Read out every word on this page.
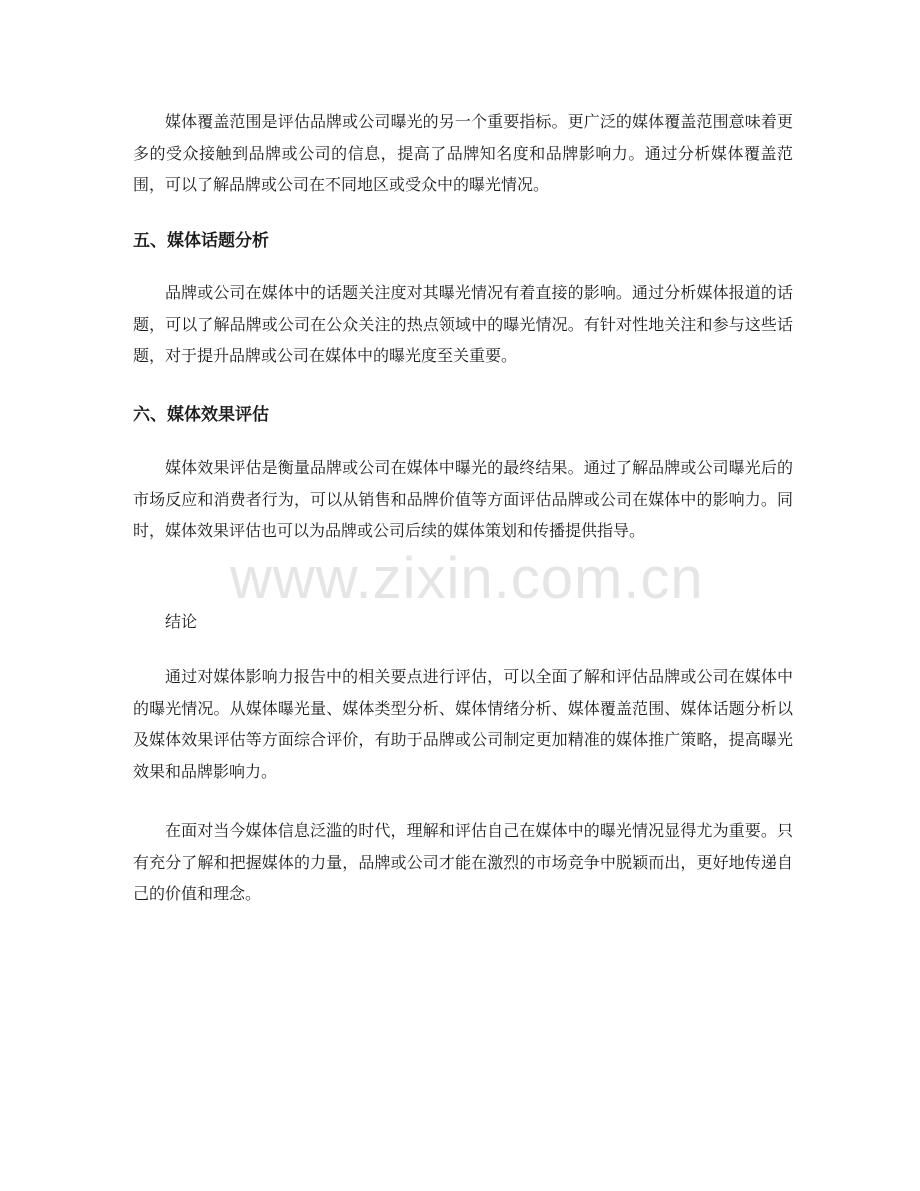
媒体覆盖范围是评估品牌或公司曝光的另一个重要指标。更广泛的媒体覆盖范围意味着更多的受众接触到品牌或公司的信息，提高了品牌知名度和品牌影响力。通过分析媒体覆盖范围，可以了解品牌或公司在不同地区或受众中的曝光情况。

五、媒体话题分析

品牌或公司在媒体中的话题关注度对其曝光情况有着直接的影响。通过分析媒体报道的话题，可以了解品牌或公司在公众关注的热点领域中的曝光情况。有针对性地关注和参与这些话题，对于提升品牌或公司在媒体中的曝光度至关重要。

六、媒体效果评估

媒体效果评估是衡量品牌或公司在媒体中曝光的最终结果。通过了解品牌或公司曝光后的市场反应和消费者行为，可以从销售和品牌价值等方面评估品牌或公司在媒体中的影响力。同时，媒体效果评估也可以为品牌或公司后续的媒体策划和传播提供指导。

结论

通过对媒体影响力报告中的相关要点进行评估，可以全面了解和评估品牌或公司在媒体中的曝光情况。从媒体曝光量、媒体类型分析、媒体情绪分析、媒体覆盖范围、媒体话题分析以及媒体效果评估等方面综合评价，有助于品牌或公司制定更加精准的媒体推广策略，提高曝光效果和品牌影响力。

在面对当今媒体信息泛滥的时代，理解和评估自己在媒体中的曝光情况显得尤为重要。只有充分了解和把握媒体的力量，品牌或公司才能在激烈的市场竞争中脱颖而出，更好地传递自己的价值和理念。

www.zixin.com.cn
